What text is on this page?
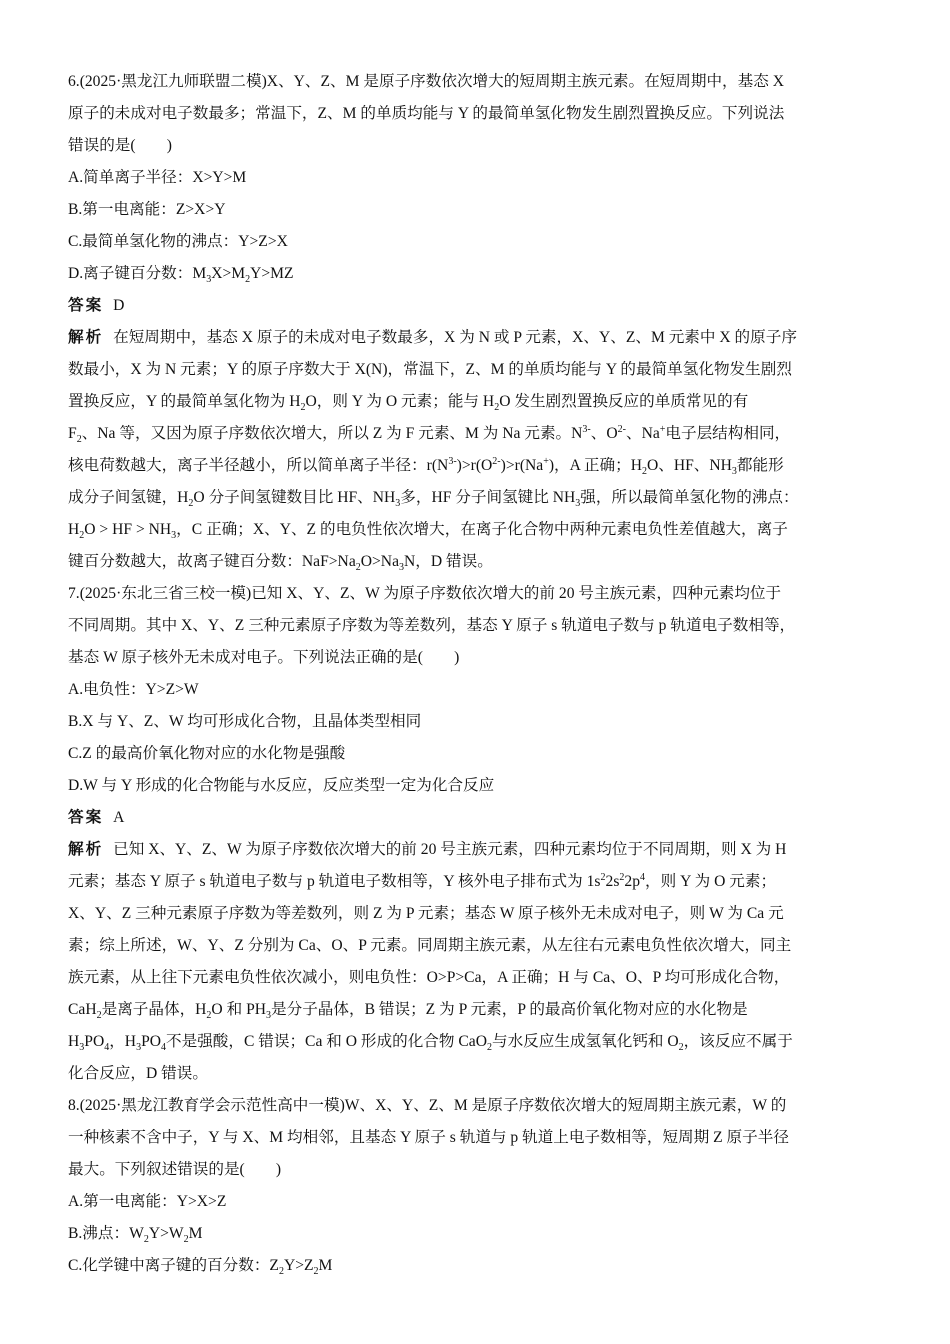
6.(2025·黑龙江九师联盟二模)X、Y、Z、M 是原子序数依次增大的短周期主族元素。在短周期中，基态 X
原子的未成对电子数最多；常温下，Z、M 的单质均能与 Y 的最简单氢化物发生剧烈置换反应。下列说法
错误的是(　　)
A.简单离子半径：X>Y>M
B.第一电离能：Z>X>Y
C.最简单氢化物的沸点：Y>Z>X
D.离子键百分数：$M_3X>M_2Y>MZ$
答案 D
解析 在短周期中，基态 X 原子的未成对电子数最多，X 为 N 或 P 元素，X、Y、Z、M 元素中 X 的原子序
数最小，X 为 N 元素；Y 的原子序数大于 X(N)，常温下，Z、M 的单质均能与 Y 的最简单氢化物发生剧烈
置换反应，Y 的最简单氢化物为 $H_2O$，则 Y 为 O 元素；能与 $H_2O$ 发生剧烈置换反应的单质常见的有
$F_2$、Na 等，又因为原子序数依次增大，所以 Z 为 F 元素、M 为 Na 元素。$N^{3-}$、$O^{2-}$、Na+电子层结构相同，
核电荷数越大，离子半径越小，所以简单离子半径：$r(N^{3-})>r(O^{2-})>r(Na^+)$，A 正确；$H_2O$、HF、$NH_3$都能形
成分子间氢键，$H_2O$ 分子间氢键数目比 HF、$NH_3$多，HF 分子间氢键比 $NH_3$强，所以最简单氢化物的沸点：
$H_2O$ > HF > $NH_3$，C 正确；X、Y、Z 的电负性依次增大，在离子化合物中两种元素电负性差值越大，离子
键百分数越大，故离子键百分数：$NaF>Na_2O>Na_3N$，D 错误。
7.(2025·东北三省三校一模)已知 X、Y、Z、W 为原子序数依次增大的前 20 号主族元素，四种元素均位于
不同周期。其中 X、Y、Z 三种元素原子序数为等差数列，基态 Y 原子 s 轨道电子数与 p 轨道电子数相等，
基态 W 原子核外无未成对电子。下列说法正确的是(　　)
A.电负性：Y>Z>W
B.X 与 Y、Z、W 均可形成化合物，且晶体类型相同
C.Z 的最高价氧化物对应的水化物是强酸
D.W 与 Y 形成的化合物能与水反应，反应类型一定为化合反应
答案 A
解析 已知 X、Y、Z、W 为原子序数依次增大的前 20 号主族元素，四种元素均位于不同周期，则 X 为 H
元素；基态 Y 原子 s 轨道电子数与 p 轨道电子数相等，Y 核外电子排布式为 $1s^22s^22p^4$，则 Y 为 O 元素；
X、Y、Z 三种元素原子序数为等差数列，则 Z 为 P 元素；基态 W 原子核外无未成对电子，则 W 为 Ca 元
素；综上所述，W、Y、Z 分别为 Ca、O、P 元素。同周期主族元素，从左往右元素电负性依次增大，同主
族元素，从上往下元素电负性依次减小，则电负性：O>P>Ca，A 正确；H 与 Ca、O、P 均可形成化合物，
CaH$_2$是离子晶体，$H_2O$ 和 $PH_3$是分子晶体，B 错误；Z 为 P 元素，P 的最高价氧化物对应的水化物是
$H_3PO_4$，$H_3PO_4$不是强酸，C 错误；Ca 和 O 形成的化合物 CaO$_2$与水反应生成氢氧化钙和 $O_2$，该反应不属于
化合反应，D 错误。
8.(2025·黑龙江教育学会示范性高中一模)W、X、Y、Z、M 是原子序数依次增大的短周期主族元素，W 的
一种核素不含中子，Y 与 X、M 均相邻，且基态 Y 原子 s 轨道与 p 轨道上电子数相等，短周期 Z 原子半径
最大。下列叙述错误的是(　　)
A.第一电离能：Y>X>Z
B.沸点：$W_2Y>W_2M$
C.化学键中离子键的百分数：$Z_2Y>Z_2M$
